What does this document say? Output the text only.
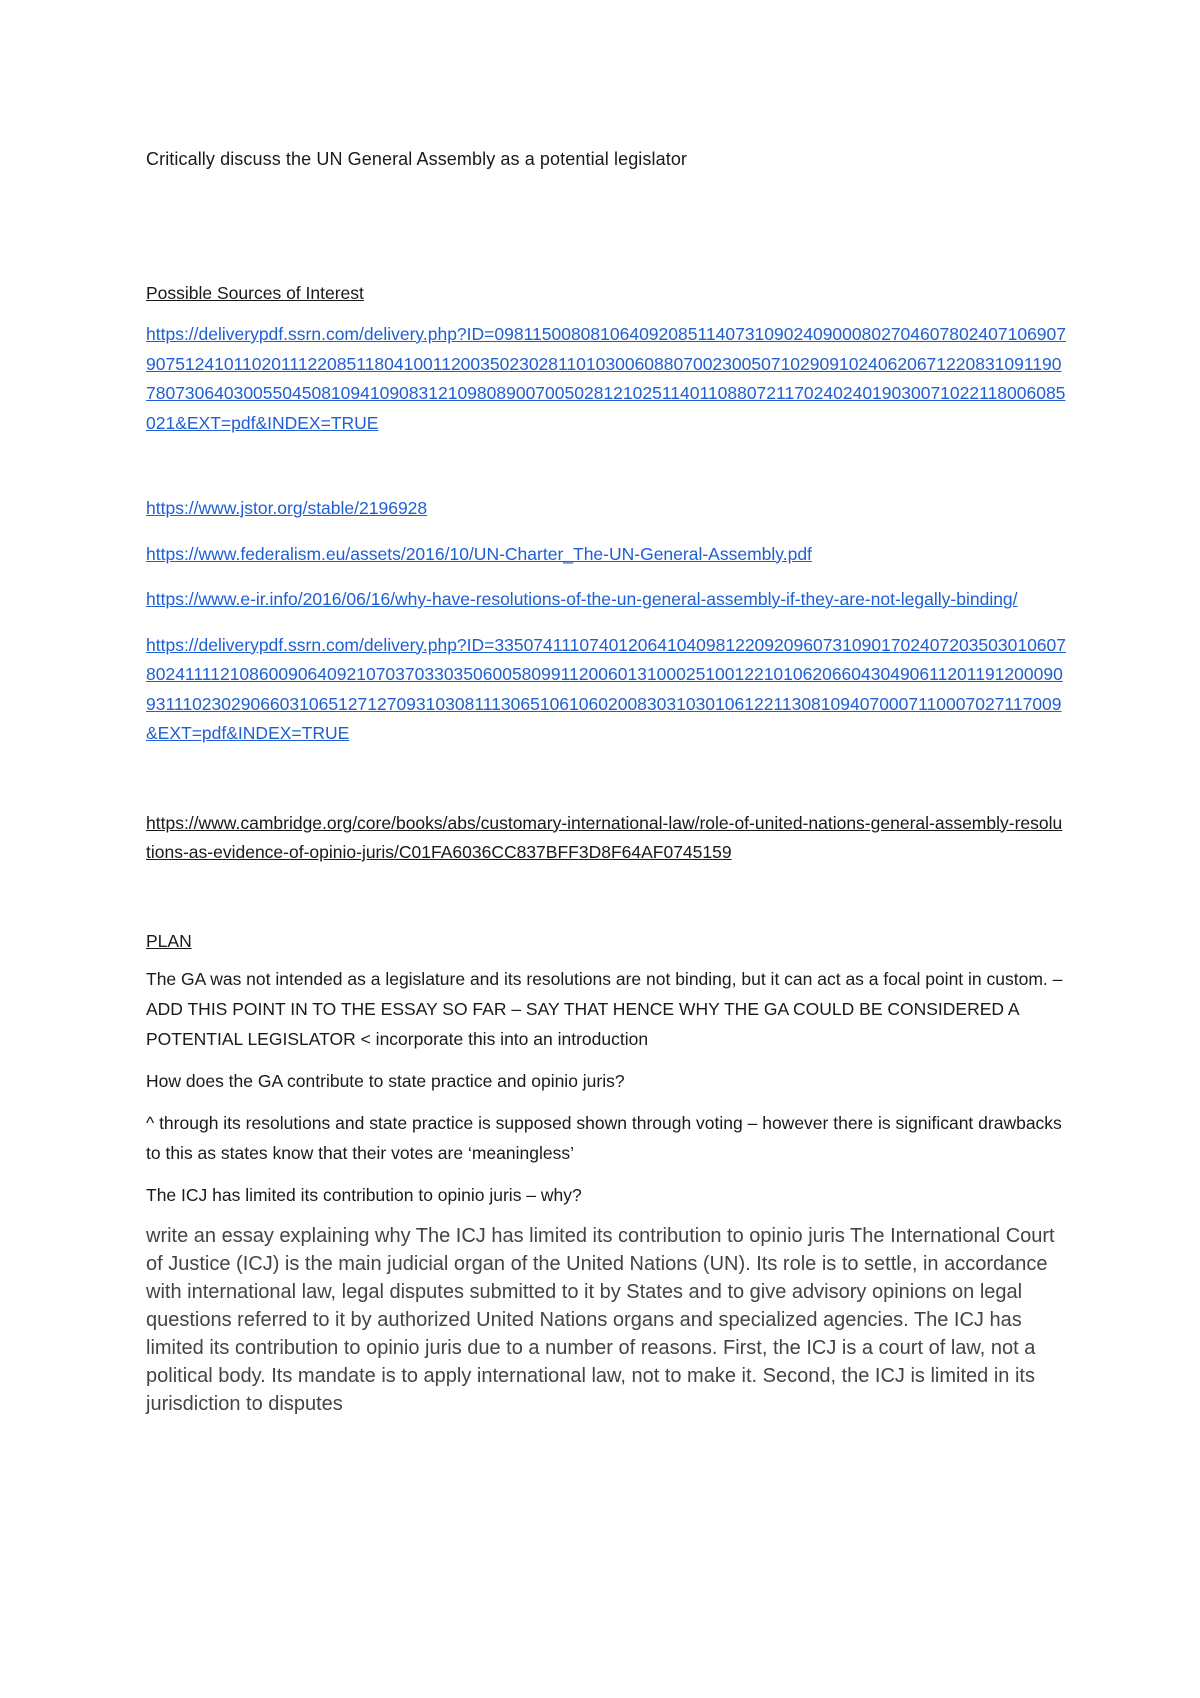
Critically discuss the UN General Assembly as a potential legislator

Possible Sources of Interest
https://deliverypdf.ssrn.com/delivery.php?ID=098115008081064092085114073109024090008027046078024071069079075124101102011122085118041001120035023028110103006088070023005071029091024062067122083109119078073064030055045081094109083121098089007005028121025114011088072117024024019030071022118006085021&EXT=pdf&INDEX=TRUE
https://www.jstor.org/stable/2196928
https://www.federalism.eu/assets/2016/10/UN-Charter_The-UN-General-Assembly.pdf
https://www.e-ir.info/2016/06/16/why-have-resolutions-of-the-un-general-assembly-if-they-are-not-legally-binding/
https://deliverypdf.ssrn.com/delivery.php?ID=335074111074012064104098122092096073109017024072035030106078024111121086009064092107037033035060058099112006013100025100122101062066043049061120119120009093111023029066031065127127093103081113065106106020083031030106122113081094070007110007027117009&EXT=pdf&INDEX=TRUE
https://www.cambridge.org/core/books/abs/customary-international-law/role-of-united-nations-general-assembly-resolutions-as-evidence-of-opinio-juris/C01FA6036CC837BFF3D8F64AF0745159
PLAN

The GA was not intended as a legislature and its resolutions are not binding, but it can act as a focal point in custom. – ADD THIS POINT IN TO THE ESSAY SO FAR – SAY THAT HENCE WHY THE GA COULD BE CONSIDERED A POTENTIAL LEGISLATOR < incorporate this into an introduction

How does the GA contribute to state practice and opinio juris?

^ through its resolutions and state practice is supposed shown through voting – however there is significant drawbacks to this as states know that their votes are ‘meaningless’

The ICJ has limited its contribution to opinio juris – why?

write an essay explaining why The ICJ has limited its contribution to opinio juris The International Court of Justice (ICJ) is the main judicial organ of the United Nations (UN). Its role is to settle, in accordance with international law, legal disputes submitted to it by States and to give advisory opinions on legal questions referred to it by authorized United Nations organs and specialized agencies. The ICJ has limited its contribution to opinio juris due to a number of reasons. First, the ICJ is a court of law, not a political body. Its mandate is to apply international law, not to make it. Second, the ICJ is limited in its jurisdiction to disputes
